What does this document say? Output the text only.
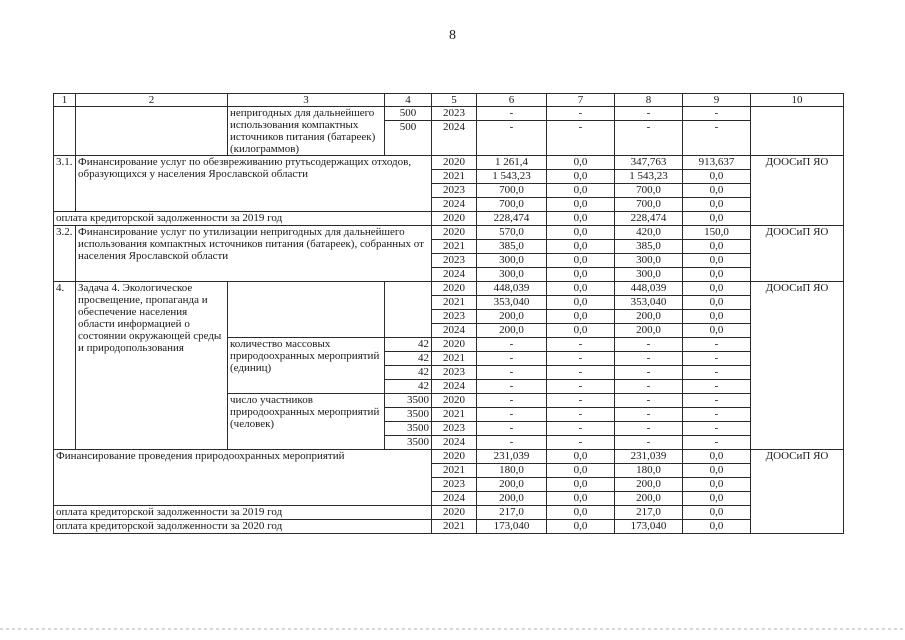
8
1	2	3	4	5	6	7	8	9	10
		непригодных для дальнейшего использования компактных источников питания (батареек) (килограммов)	500	2023	-	-	-	-	
			500	2024	-	-	-	-	

3.1.	Финансирование услуг по обезвреживанию ртутьсодержащих отходов, образующихся у населения Ярославской области			2020	1 261,4	0,0	347,763	913,637	ДООСиП ЯО
				2021	1 543,23	0,0	1 543,23	0,0	
				2023	700,0	0,0	700,0	0,0	
				2024	700,0	0,0	700,0	0,0	
оплата кредиторской задолженности за 2019 год				2020	228,474	0,0	228,474	0,0	
3.2.	Финансирование услуг по утилизации непригодных для дальнейшего использования компактных источников питания (батареек), собранных от населения Ярославской области			2020	570,0	0,0	420,0	150,0	ДООСиП ЯО
				2021	385,0	0,0	385,0	0,0	
				2023	300,0	0,0	300,0	0,0	
				2024	300,0	0,0	300,0	0,0	
4.	Задача 4. Экологическое просвещение, пропаганда и обеспечение населения области информацией о состоянии окружающей среды и природопользования			2020	448,039	0,0	448,039	0,0	ДООСиП ЯО
				2021	353,040	0,0	353,040	0,0	
				2023	200,0	0,0	200,0	0,0	
				2024	200,0	0,0	200,0	0,0	
		количество массовых природоохранных мероприятий (единиц)	42	2020	-	-	-	-	
			42	2021	-	-	-	-	
			42	2023	-	-	-	-	
			42	2024	-	-	-	-	
		число участников природоохранных мероприятий (человек)	3500	2020	-	-	-	-	
			3500	2021	-	-	-	-	
			3500	2023	-	-	-	-	
			3500	2024	-	-	-	-	
Финансирование проведения природоохранных мероприятий				2020	231,039	0,0	231,039	0,0	ДООСиП ЯО
				2021	180,0	0,0	180,0	0,0	
				2023	200,0	0,0	200,0	0,0	
				2024	200,0	0,0	200,0	0,0	
оплата кредиторской задолженности за 2019 год				2020	217,0	0,0	217,0	0,0	
оплата кредиторской задолженности за 2020 год				2021	173,040	0,0	173,040	0,0	
